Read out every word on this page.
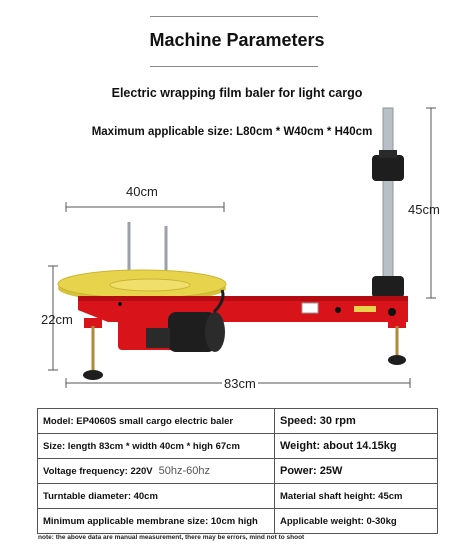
Machine Parameters
Electric wrapping film baler for light cargo
Maximum applicable size: L80cm * W40cm * H40cm
40cm
45cm
22cm
83cm
Model: EP4060S small cargo electric baler	Speed: 30 rpm
Size: length 83cm * width 40cm * high 67cm	Weight: about 14.15kg
Voltage frequency: 220V 50hz-60hz	Power: 25W
Turntable diameter: 40cm	Material shaft height: 45cm
Minimum applicable membrane size: 10cm high	Applicable weight: 0-30kg
note: the above data are manual measurement, there may be errors, mind not to shoot
